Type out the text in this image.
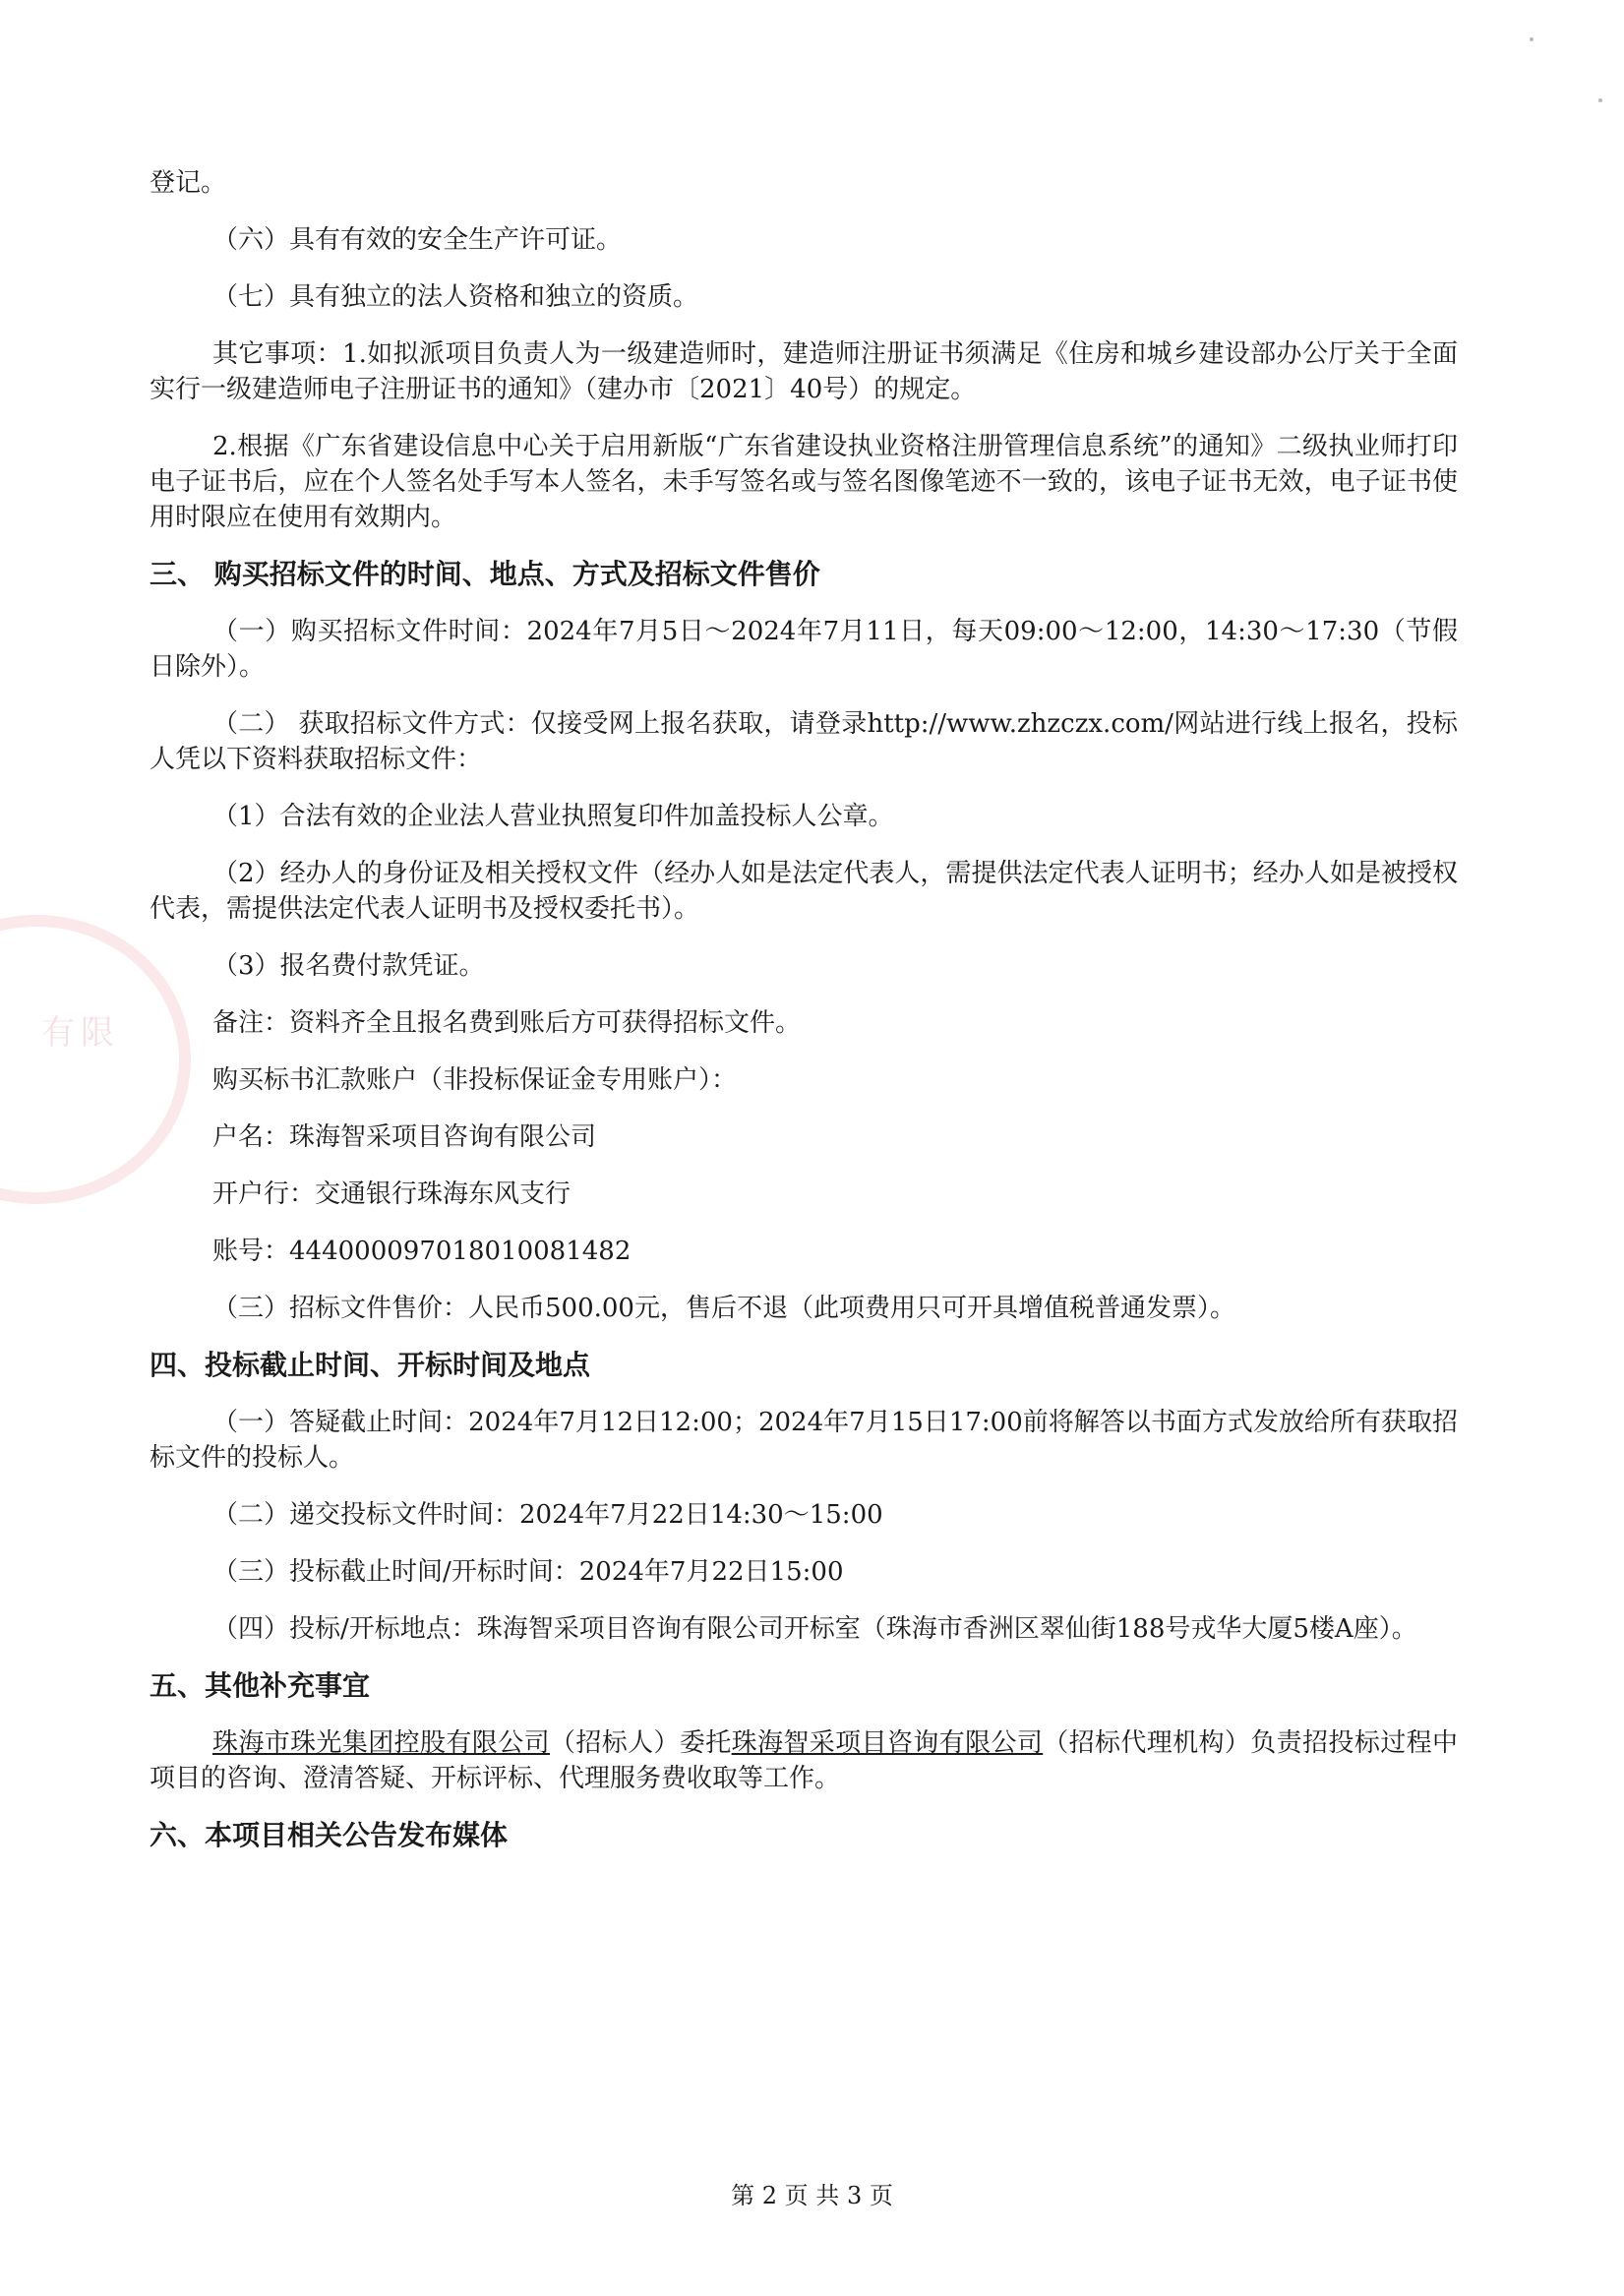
有限

登记。

（六）具有有效的安全生产许可证。

（七）具有独立的法人资格和独立的资质。

其它事项：1.如拟派项目负责人为一级建造师时，建造师注册证书须满足《住房和城乡建设部办公厅关于全面实行一级建造师电子注册证书的通知》（建办市〔2021〕40号）的规定。

2.根据《广东省建设信息中心关于启用新版“广东省建设执业资格注册管理信息系统”的通知》二级执业师打印电子证书后，应在个人签名处手写本人签名，未手写签名或与签名图像笔迹不一致的，该电子证书无效，电子证书使用时限应在使用有效期内。

三、 购买招标文件的时间、地点、方式及招标文件售价

（一）购买招标文件时间：2024年7月5日～2024年7月11日，每天09:00～12:00，14:30～17:30（节假日除外）。

（二） 获取招标文件方式：仅接受网上报名获取，请登录http://www.zhzczx.com/网站进行线上报名，投标人凭以下资料获取招标文件：

（1）合法有效的企业法人营业执照复印件加盖投标人公章。

（2）经办人的身份证及相关授权文件（经办人如是法定代表人，需提供法定代表人证明书；经办人如是被授权代表，需提供法定代表人证明书及授权委托书）。

（3）报名费付款凭证。

备注：资料齐全且报名费到账后方可获得招标文件。

购买标书汇款账户（非投标保证金专用账户）：

户名：珠海智采项目咨询有限公司

开户行：交通银行珠海东风支行

账号：444000097018010081482

（三）招标文件售价：人民币500.00元，售后不退（此项费用只可开具增值税普通发票）。

四、投标截止时间、开标时间及地点

（一）答疑截止时间：2024年7月12日12:00；2024年7月15日17:00前将解答以书面方式发放给所有获取招标文件的投标人。

（二）递交投标文件时间：2024年7月22日14:30～15:00

（三）投标截止时间/开标时间：2024年7月22日15:00

（四）投标/开标地点：珠海智采项目咨询有限公司开标室（珠海市香洲区翠仙街188号戎华大厦5楼A座）。

五、其他补充事宜

珠海市珠光集团控股有限公司（招标人）委托珠海智采项目咨询有限公司（招标代理机构）负责招投标过程中项目的咨询、澄清答疑、开标评标、代理服务费收取等工作。

六、本项目相关公告发布媒体
第 2 页 共 3 页
